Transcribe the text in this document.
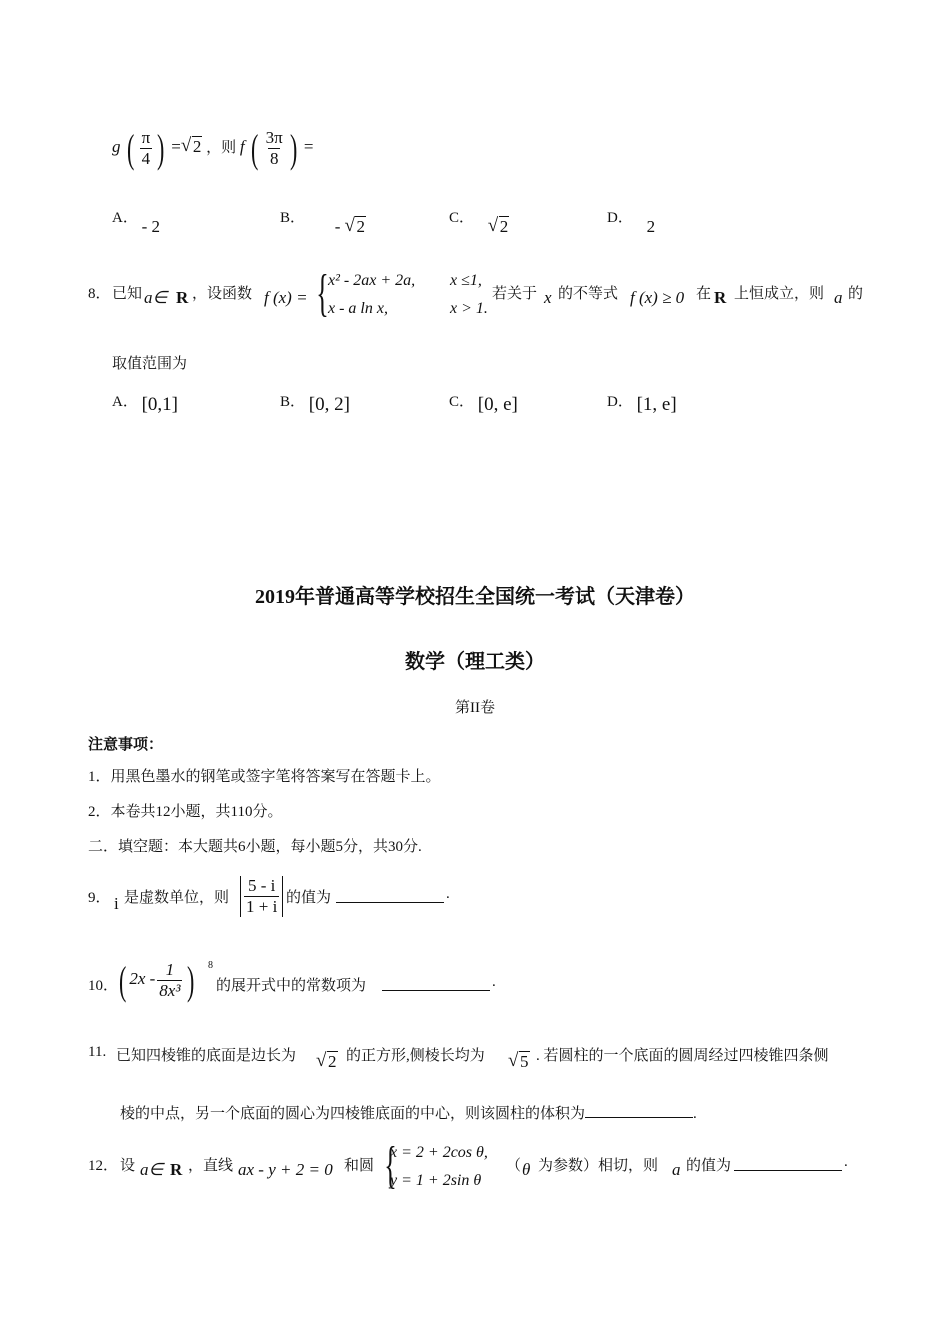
g ( $\frac{\pi}{4}$ ) = √ 2 ，则 f ( $\frac{3\pi}{8}$ ) =
A． - 2	B． - √ 2	C． √ 2	D． 2
8． 已知 a∈ R ，设函数 f (x) = { x² - 2ax + 2a, x ≤1,
x - a ln x,	x > 1.
若关于 x 的不等式 f (x) ≥ 0 在 R 上恒成立，则 a 的
取值范围为
A． [0,1]	B． [0, 2]	C． [0, e]	D． [1, e]
2019年普通高等学校招生全国统一考试（天津卷）
数学（理工类）
第II卷
注意事项：
1．用黑色墨水的钢笔或签字笔将答案写在答题卡上。
2．本卷共12小题，共110分。
二．填空题：本大题共6小题，每小题5分，共30分.
9． i 是虚数单位，则 $\frac{5 - i}{1 + i}$ 的值为	.
10． ( $2x - \frac{1}{\text{8x³}}$ ) 8
的展开式中的常数项为	.
11. 已知四棱锥的底面是边长为 √ 2 的正方形,侧棱长均为 √ 5 . 若圆柱的一个底面的圆周经过四棱锥四条侧
棱的中点，另一个底面的圆心为四棱锥底面的中心，则该圆柱的体积为	.
12． 设 a∈ R ，直线 ax - y + 2 = 0 和圆 {
x = 2 + 2cos θ,
y = 1 + 2sin θ
（ θ 为参数）相切，则 a 的值为	.
